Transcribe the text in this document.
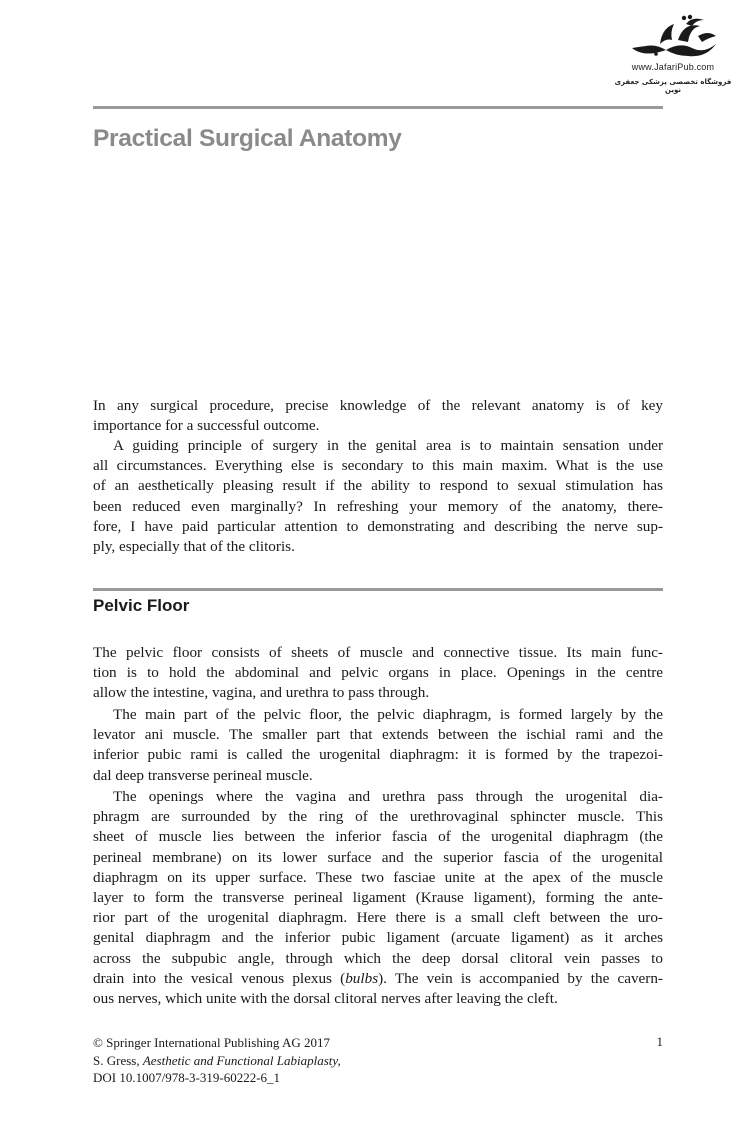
www.JafariPub.com
فروشگاه تخصصی پزشکی جعفری نوین
Practical Surgical Anatomy
In any surgical procedure, precise knowledge of the relevant anatomy is of key
importance for a successful outcome.
A guiding principle of surgery in the genital area is to maintain sensation under
all circumstances. Everything else is secondary to this main maxim. What is the use
of an aesthetically pleasing result if the ability to respond to sexual stimulation has
been reduced even marginally? In refreshing your memory of the anatomy, there-
fore, I have paid particular attention to demonstrating and describing the nerve sup-
ply, especially that of the clitoris.
Pelvic Floor
The pelvic floor consists of sheets of muscle and connective tissue. Its main func-
tion is to hold the abdominal and pelvic organs in place. Openings in the centre
allow the intestine, vagina, and urethra to pass through.
The main part of the pelvic floor, the pelvic diaphragm, is formed largely by the
levator ani muscle. The smaller part that extends between the ischial rami and the
inferior pubic rami is called the urogenital diaphragm: it is formed by the trapezoi-
dal deep transverse perineal muscle.
The openings where the vagina and urethra pass through the urogenital dia-
phragm are surrounded by the ring of the urethrovaginal sphincter muscle. This
sheet of muscle lies between the inferior fascia of the urogenital diaphragm (the
perineal membrane) on its lower surface and the superior fascia of the urogenital
diaphragm on its upper surface. These two fasciae unite at the apex of the muscle
layer to form the transverse perineal ligament (Krause ligament), forming the ante-
rior part of the urogenital diaphragm. Here there is a small cleft between the uro-
genital diaphragm and the inferior pubic ligament (arcuate ligament) as it arches
across the subpubic angle, through which the deep dorsal clitoral vein passes to
drain into the vesical venous plexus (bulbs). The vein is accompanied by the cavern-
ous nerves, which unite with the dorsal clitoral nerves after leaving the cleft.
© Springer International Publishing AG 2017
S. Gress, Aesthetic and Functional Labiaplasty,
DOI 10.1007/978-3-319-60222-6_1
1
